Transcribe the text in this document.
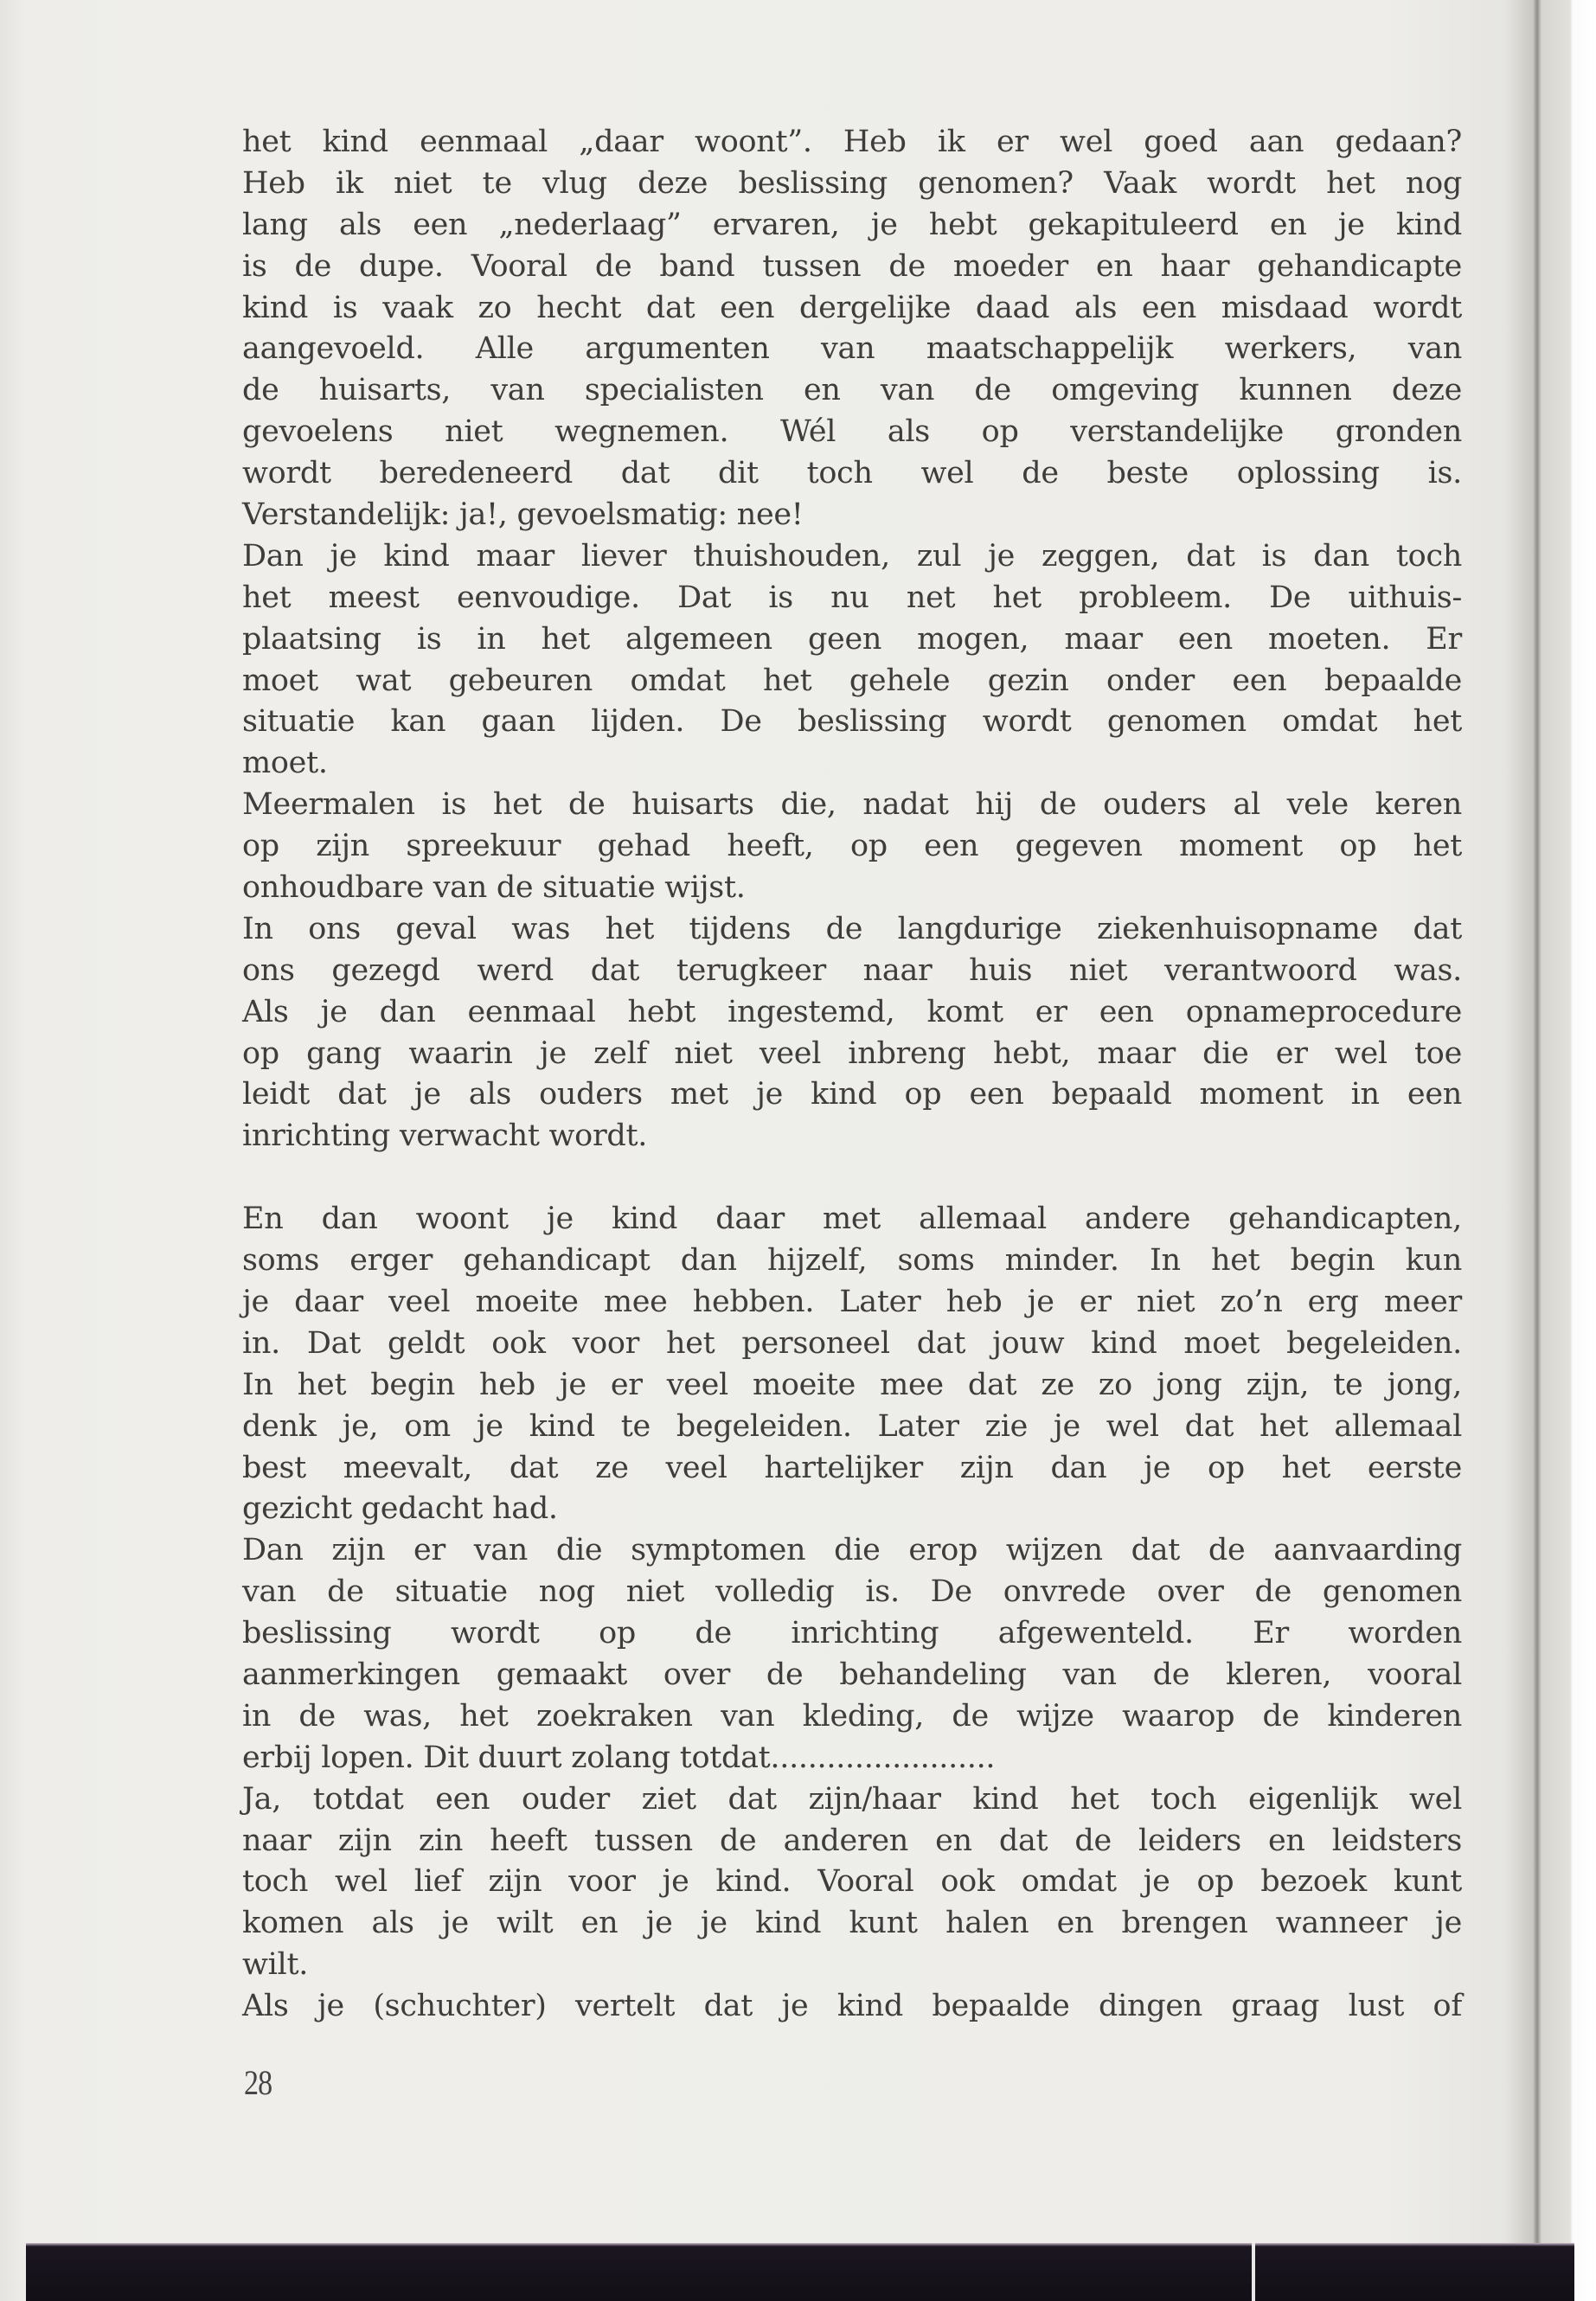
het kind eenmaal „daar woont”. Heb ik er wel goed aan gedaan?
Heb ik niet te vlug deze beslissing genomen? Vaak wordt het nog
lang als een „nederlaag” ervaren, je hebt gekapituleerd en je kind
is de dupe. Vooral de band tussen de moeder en haar gehandicapte
kind is vaak zo hecht dat een dergelijke daad als een misdaad wordt
aangevoeld. Alle argumenten van maatschappelijk werkers, van
de huisarts, van specialisten en van de omgeving kunnen deze
gevoelens niet wegnemen. Wél als op verstandelijke gronden
wordt beredeneerd dat dit toch wel de beste oplossing is.
Verstandelijk: ja!, gevoelsmatig: nee!
Dan je kind maar liever thuishouden, zul je zeggen, dat is dan toch
het meest eenvoudige. Dat is nu net het probleem. De uithuis-
plaatsing is in het algemeen geen mogen, maar een moeten. Er
moet wat gebeuren omdat het gehele gezin onder een bepaalde
situatie kan gaan lijden. De beslissing wordt genomen omdat het
moet.
Meermalen is het de huisarts die, nadat hij de ouders al vele keren
op zijn spreekuur gehad heeft, op een gegeven moment op het
onhoudbare van de situatie wijst.
In ons geval was het tijdens de langdurige ziekenhuisopname dat
ons gezegd werd dat terugkeer naar huis niet verantwoord was.
Als je dan eenmaal hebt ingestemd, komt er een opnameprocedure
op gang waarin je zelf niet veel inbreng hebt, maar die er wel toe
leidt dat je als ouders met je kind op een bepaald moment in een
inrichting verwacht wordt.
En dan woont je kind daar met allemaal andere gehandicapten,
soms erger gehandicapt dan hijzelf, soms minder. In het begin kun
je daar veel moeite mee hebben. Later heb je er niet zo’n erg meer
in. Dat geldt ook voor het personeel dat jouw kind moet begeleiden.
In het begin heb je er veel moeite mee dat ze zo jong zijn, te jong,
denk je, om je kind te begeleiden. Later zie je wel dat het allemaal
best meevalt, dat ze veel hartelijker zijn dan je op het eerste
gezicht gedacht had.
Dan zijn er van die symptomen die erop wijzen dat de aanvaarding
van de situatie nog niet volledig is. De onvrede over de genomen
beslissing wordt op de inrichting afgewenteld. Er worden
aanmerkingen gemaakt over de behandeling van de kleren, vooral
in de was, het zoekraken van kleding, de wijze waarop de kinderen
erbij lopen. Dit duurt zolang totdat........................
Ja, totdat een ouder ziet dat zijn/haar kind het toch eigenlijk wel
naar zijn zin heeft tussen de anderen en dat de leiders en leidsters
toch wel lief zijn voor je kind. Vooral ook omdat je op bezoek kunt
komen als je wilt en je je kind kunt halen en brengen wanneer je
wilt.
Als je (schuchter) vertelt dat je kind bepaalde dingen graag lust of
28
